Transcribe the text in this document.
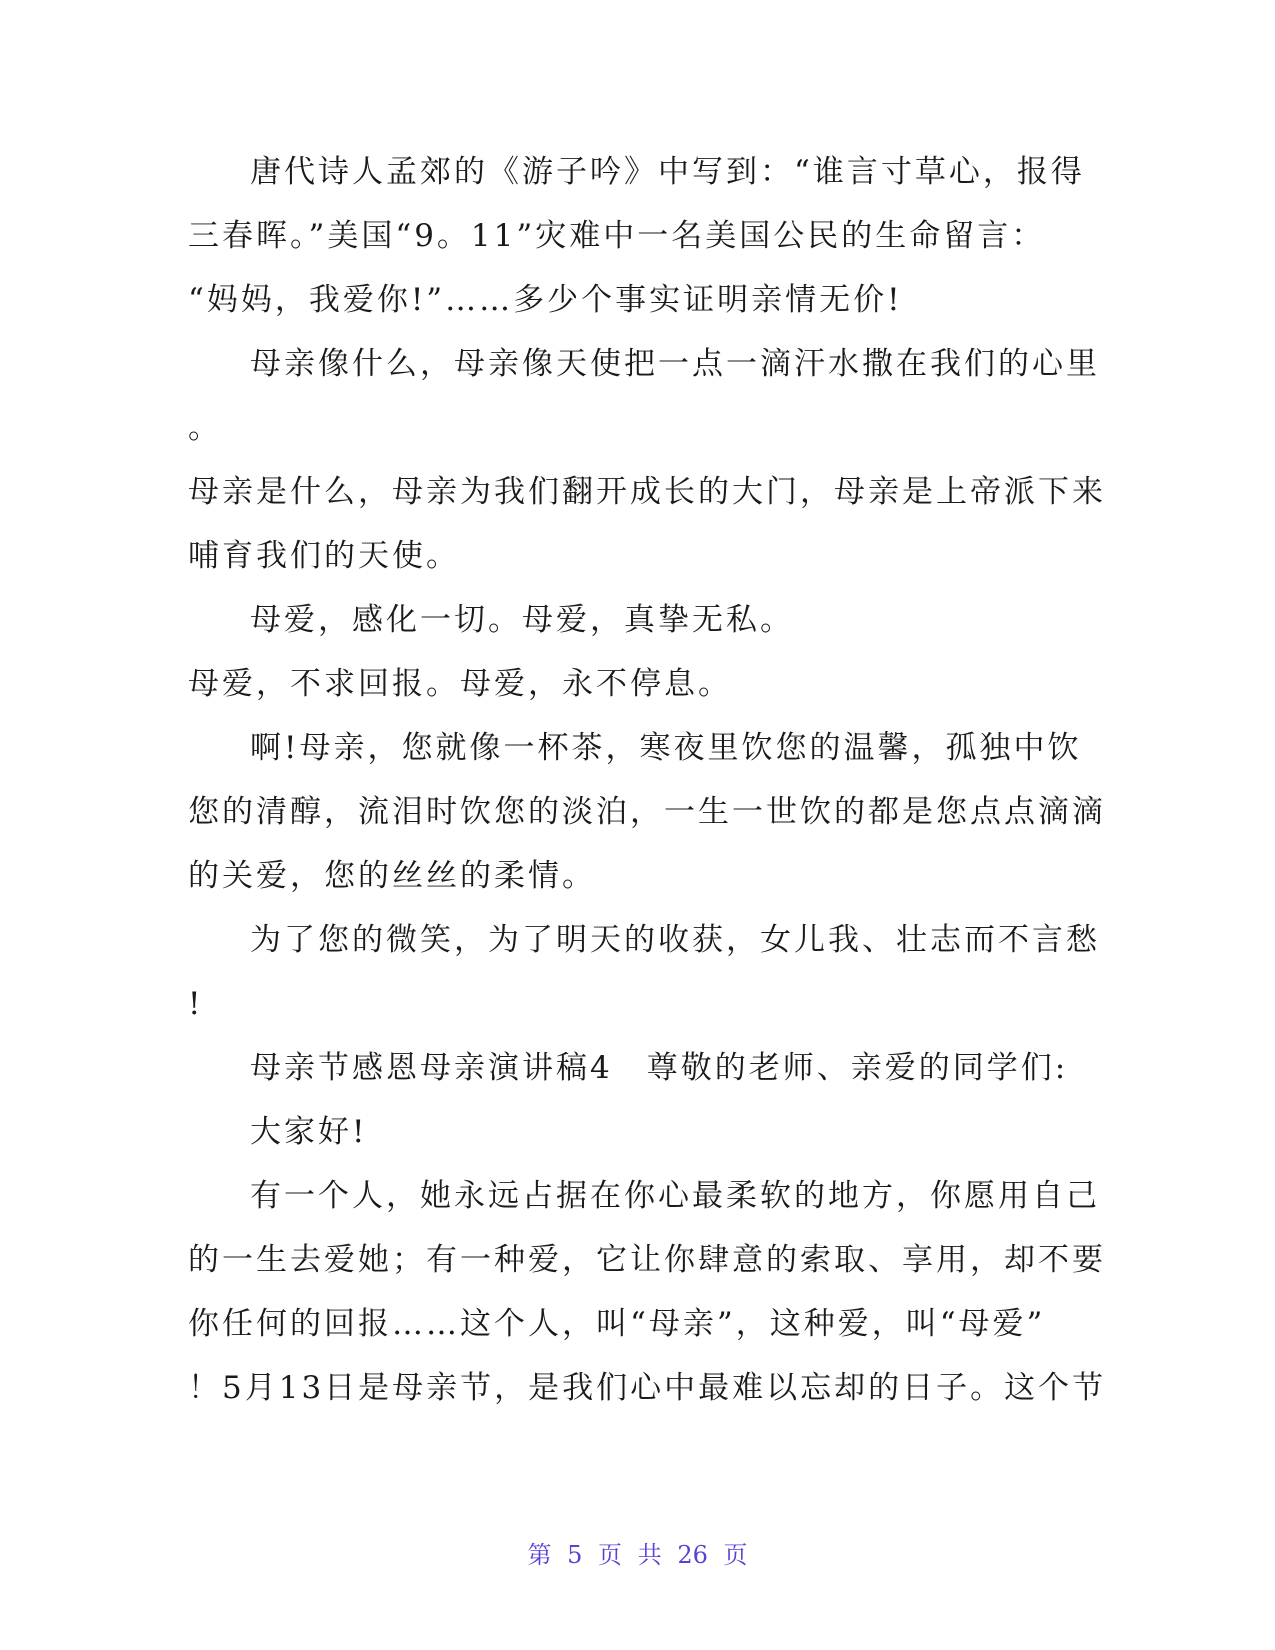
唐代诗人孟郊的《游子吟》中写到：“谁言寸草心，报得
三春晖。”美国“9。11”灾难中一名美国公民的生命留言：
“妈妈，我爱你!”……多少个事实证明亲情无价!
母亲像什么，母亲像天使把一点一滴汗水撒在我们的心里
。
母亲是什么，母亲为我们翻开成长的大门，母亲是上帝派下来
哺育我们的天使。
母爱，感化一切。母爱，真挚无私。
母爱，不求回报。母爱，永不停息。
啊!母亲，您就像一杯茶，寒夜里饮您的温馨，孤独中饮
您的清醇，流泪时饮您的淡泊，一生一世饮的都是您点点滴滴
的关爱，您的丝丝的柔情。
为了您的微笑，为了明天的收获，女儿我、壮志而不言愁
!
母亲节感恩母亲演讲稿4　尊敬的老师、亲爱的同学们:
大家好!
有一个人，她永远占据在你心最柔软的地方，你愿用自己
的一生去爱她；有一种爱，它让你肆意的索取、享用，却不要
你任何的回报……这个人，叫“母亲”，这种爱，叫“母爱”
！5月13日是母亲节，是我们心中最难以忘却的日子。这个节
第 5 页 共 26 页
